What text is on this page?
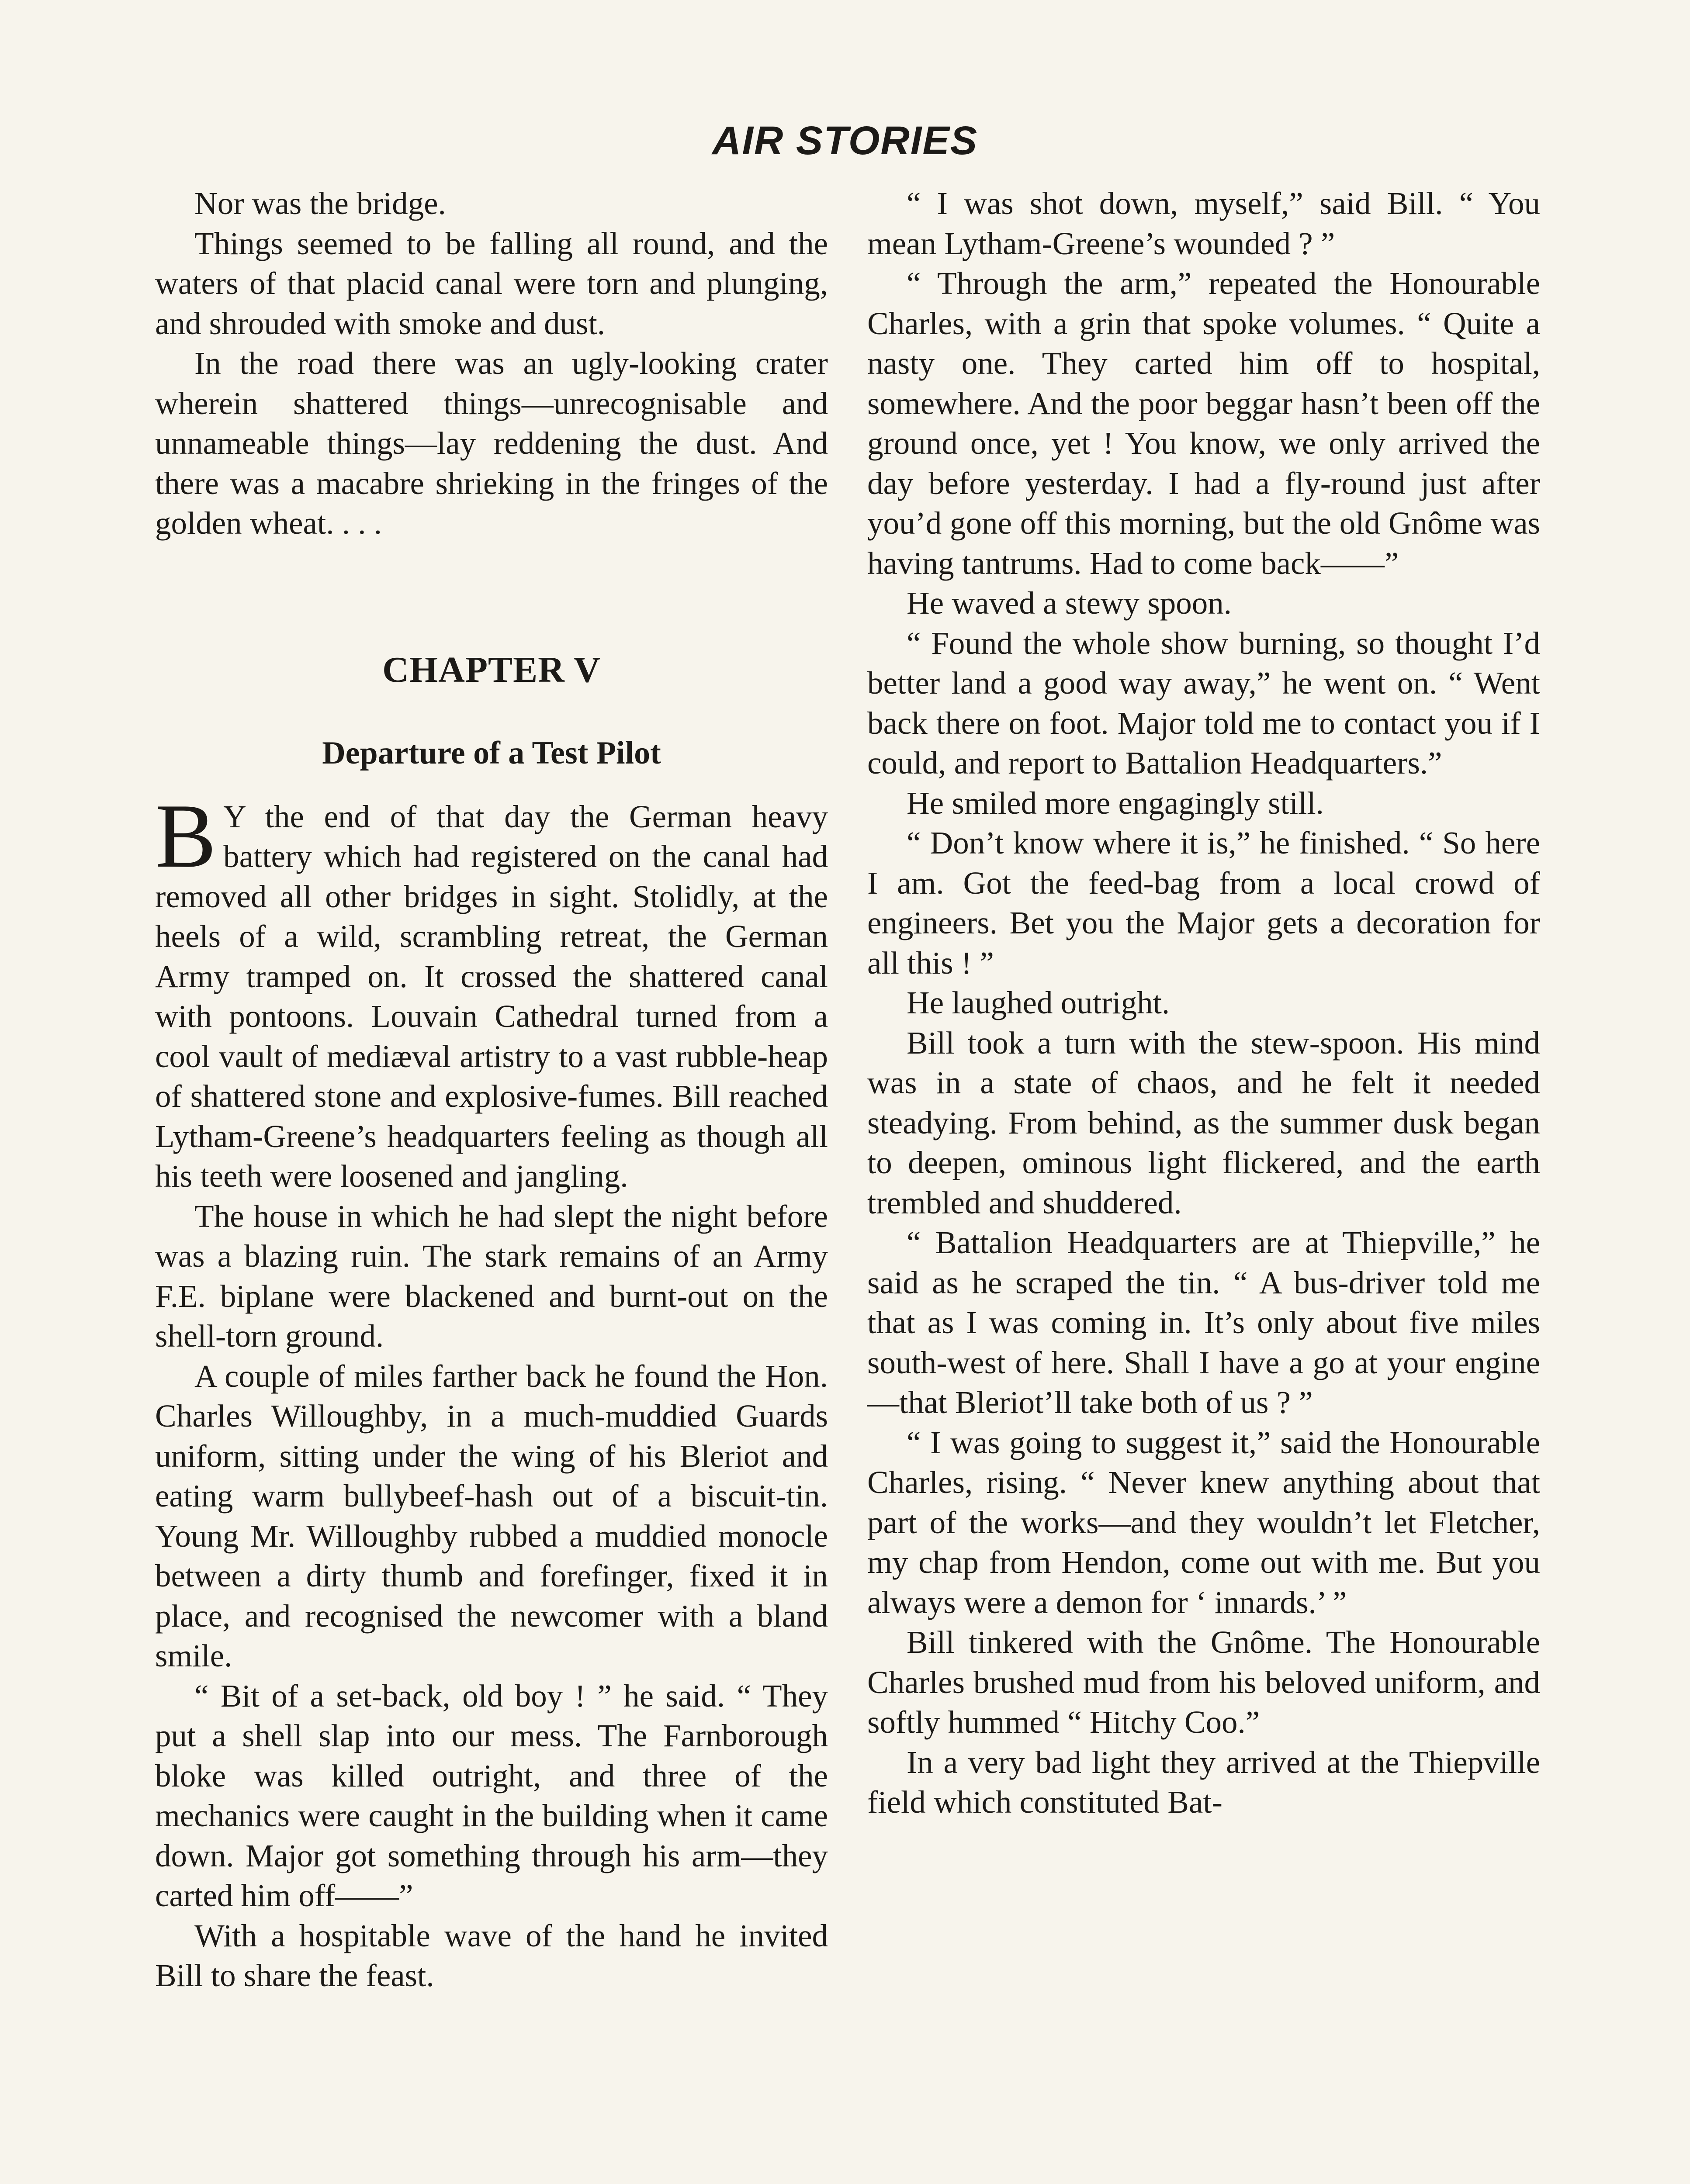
AIR STORIES

Nor was the bridge.

Things seemed to be falling all round, and the waters of that placid canal were torn and plunging, and shrouded with smoke and dust.

In the road there was an ugly-looking crater wherein shattered things—unrecognisable and unnameable things—lay reddening the dust. And there was a macabre shrieking in the fringes of the golden wheat. . . .

CHAPTER V
Departure of a Test Pilot

B Y the end of that day the German heavy battery which had registered on the canal had removed all other bridges in sight. Stolidly, at the heels of a wild, scrambling retreat, the German Army tramped on. It crossed the shattered canal with pontoons. Louvain Cathedral turned from a cool vault of mediæval artistry to a vast rubble-heap of shattered stone and explosive-fumes. Bill reached Lytham-Greene’s headquarters feeling as though all his teeth were loosened and jangling.

The house in which he had slept the night before was a blazing ruin. The stark remains of an Army F.E. biplane were blackened and burnt-out on the shell-torn ground.

A couple of miles farther back he found the Hon. Charles Willoughby, in a much-muddied Guards uniform, sitting under the wing of his Bleriot and eating warm bullybeef-hash out of a biscuit-tin. Young Mr. Willoughby rubbed a muddied monocle between a dirty thumb and forefinger, fixed it in place, and recognised the newcomer with a bland smile.

“ Bit of a set-back, old boy ! ” he said. “ They put a shell slap into our mess. The Farnborough bloke was killed outright, and three of the mechanics were caught in the building when it came down. Major got something through his arm—they carted him off——”

With a hospitable wave of the hand he invited Bill to share the feast.

“ I was shot down, myself,” said Bill. “ You mean Lytham-Greene’s wounded ? ”

“ Through the arm,” repeated the Honourable Charles, with a grin that spoke volumes. “ Quite a nasty one. They carted him off to hospital, somewhere. And the poor beggar hasn’t been off the ground once, yet ! You know, we only arrived the day before yesterday. I had a fly-round just after you’d gone off this morning, but the old Gnôme was having tantrums. Had to come back——”

He waved a stewy spoon.

“ Found the whole show burning, so thought I’d better land a good way away,” he went on. “ Went back there on foot. Major told me to contact you if I could, and report to Battalion Headquarters.”

He smiled more engagingly still.

“ Don’t know where it is,” he finished. “ So here I am. Got the feed-bag from a local crowd of engineers. Bet you the Major gets a decoration for all this ! ”

He laughed outright.

Bill took a turn with the stew-spoon. His mind was in a state of chaos, and he felt it needed steadying. From behind, as the summer dusk began to deepen, ominous light flickered, and the earth trembled and shuddered.

“ Battalion Headquarters are at Thiepville,” he said as he scraped the tin. “ A bus-driver told me that as I was coming in. It’s only about five miles south-west of here. Shall I have a go at your engine—that Bleriot’ll take both of us ? ”

“ I was going to suggest it,” said the Honourable Charles, rising. “ Never knew anything about that part of the works—and they wouldn’t let Fletcher, my chap from Hendon, come out with me. But you always were a demon for ‘ innards.’ ”

Bill tinkered with the Gnôme. The Honourable Charles brushed mud from his beloved uniform, and softly hummed “ Hitchy Coo.”

In a very bad light they arrived at the Thiepville field which constituted Bat-
